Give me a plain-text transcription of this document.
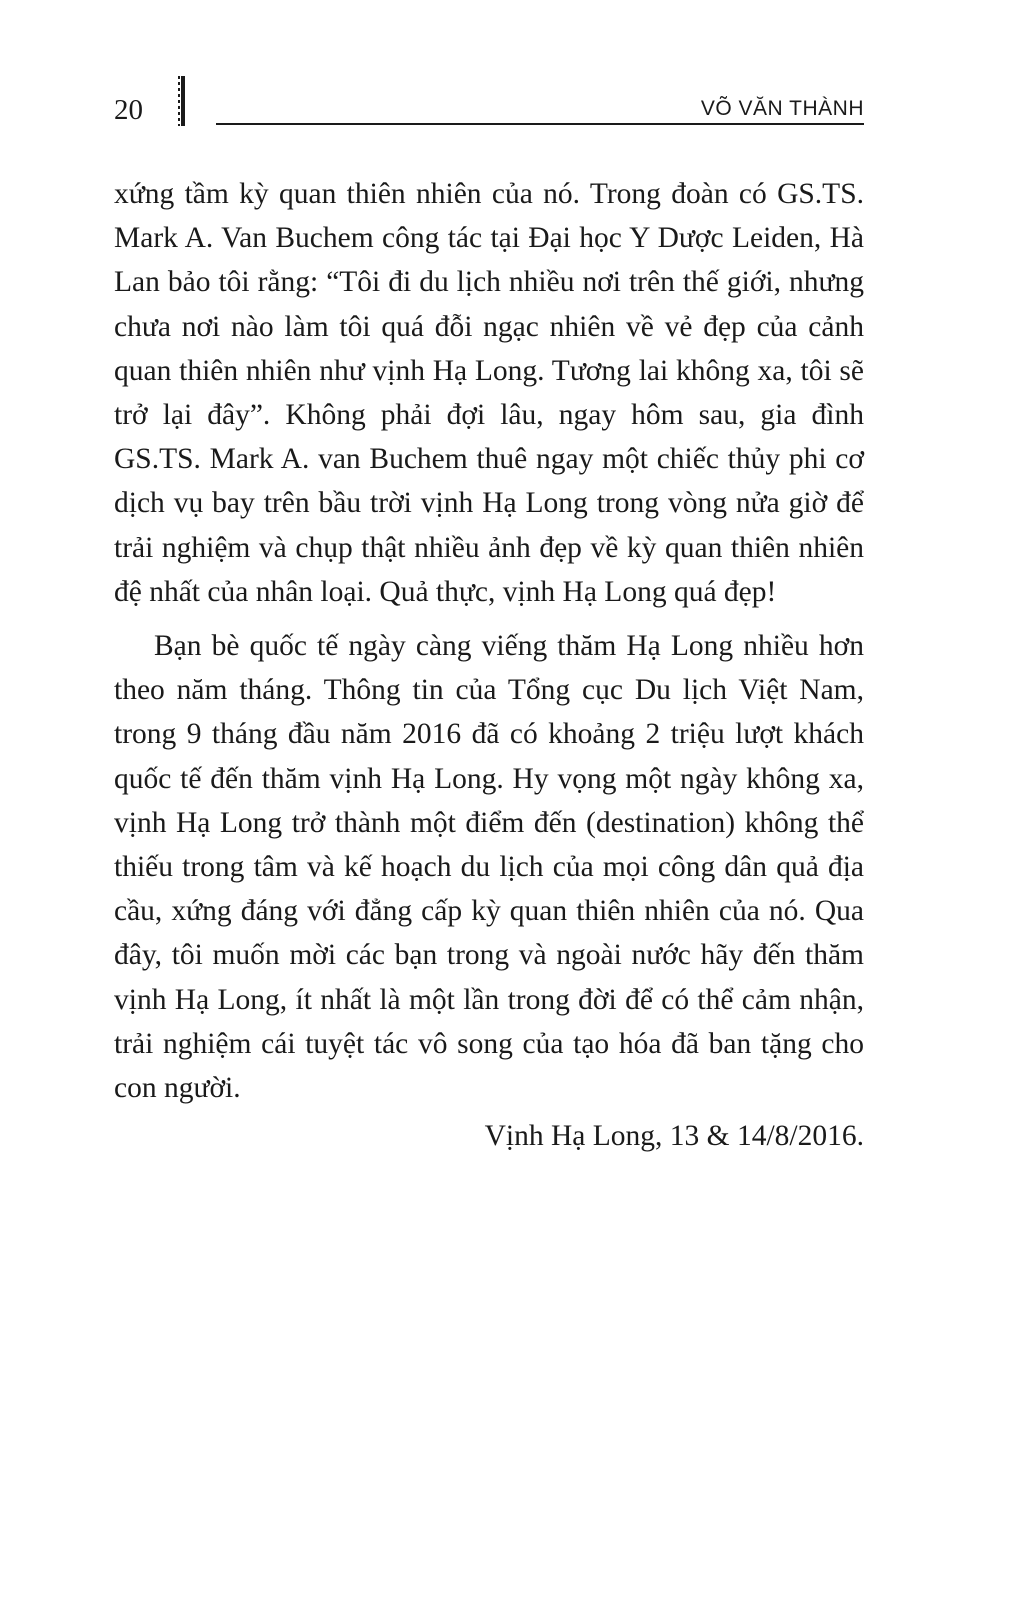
20	VÕ VĂN THÀNH

xứng tầm kỳ quan thiên nhiên của nó. Trong đoàn có GS.TS. Mark A. Van Buchem công tác tại Đại học Y Dược Leiden, Hà Lan bảo tôi rằng: “Tôi đi du lịch nhiều nơi trên thế giới, nhưng chưa nơi nào làm tôi quá đỗi ngạc nhiên về vẻ đẹp của cảnh quan thiên nhiên như vịnh Hạ Long. Tương lai không xa, tôi sẽ trở lại đây”. Không phải đợi lâu, ngay hôm sau, gia đình GS.TS. Mark A. van Buchem thuê ngay một chiếc thủy phi cơ dịch vụ bay trên bầu trời vịnh Hạ Long trong vòng nửa giờ để trải nghiệm và chụp thật nhiều ảnh đẹp về kỳ quan thiên nhiên đệ nhất của nhân loại. Quả thực, vịnh Hạ Long quá đẹp!

Bạn bè quốc tế ngày càng viếng thăm Hạ Long nhiều hơn theo năm tháng. Thông tin của Tổng cục Du lịch Việt Nam, trong 9 tháng đầu năm 2016 đã có khoảng 2 triệu lượt khách quốc tế đến thăm vịnh Hạ Long. Hy vọng một ngày không xa, vịnh Hạ Long trở thành một điểm đến (destination) không thể thiếu trong tâm và kế hoạch du lịch của mọi công dân quả địa cầu, xứng đáng với đẳng cấp kỳ quan thiên nhiên của nó. Qua đây, tôi muốn mời các bạn trong và ngoài nước hãy đến thăm vịnh Hạ Long, ít nhất là một lần trong đời để có thể cảm nhận, trải nghiệm cái tuyệt tác vô song của tạo hóa đã ban tặng cho con người.

Vịnh Hạ Long, 13 & 14/8/2016.
